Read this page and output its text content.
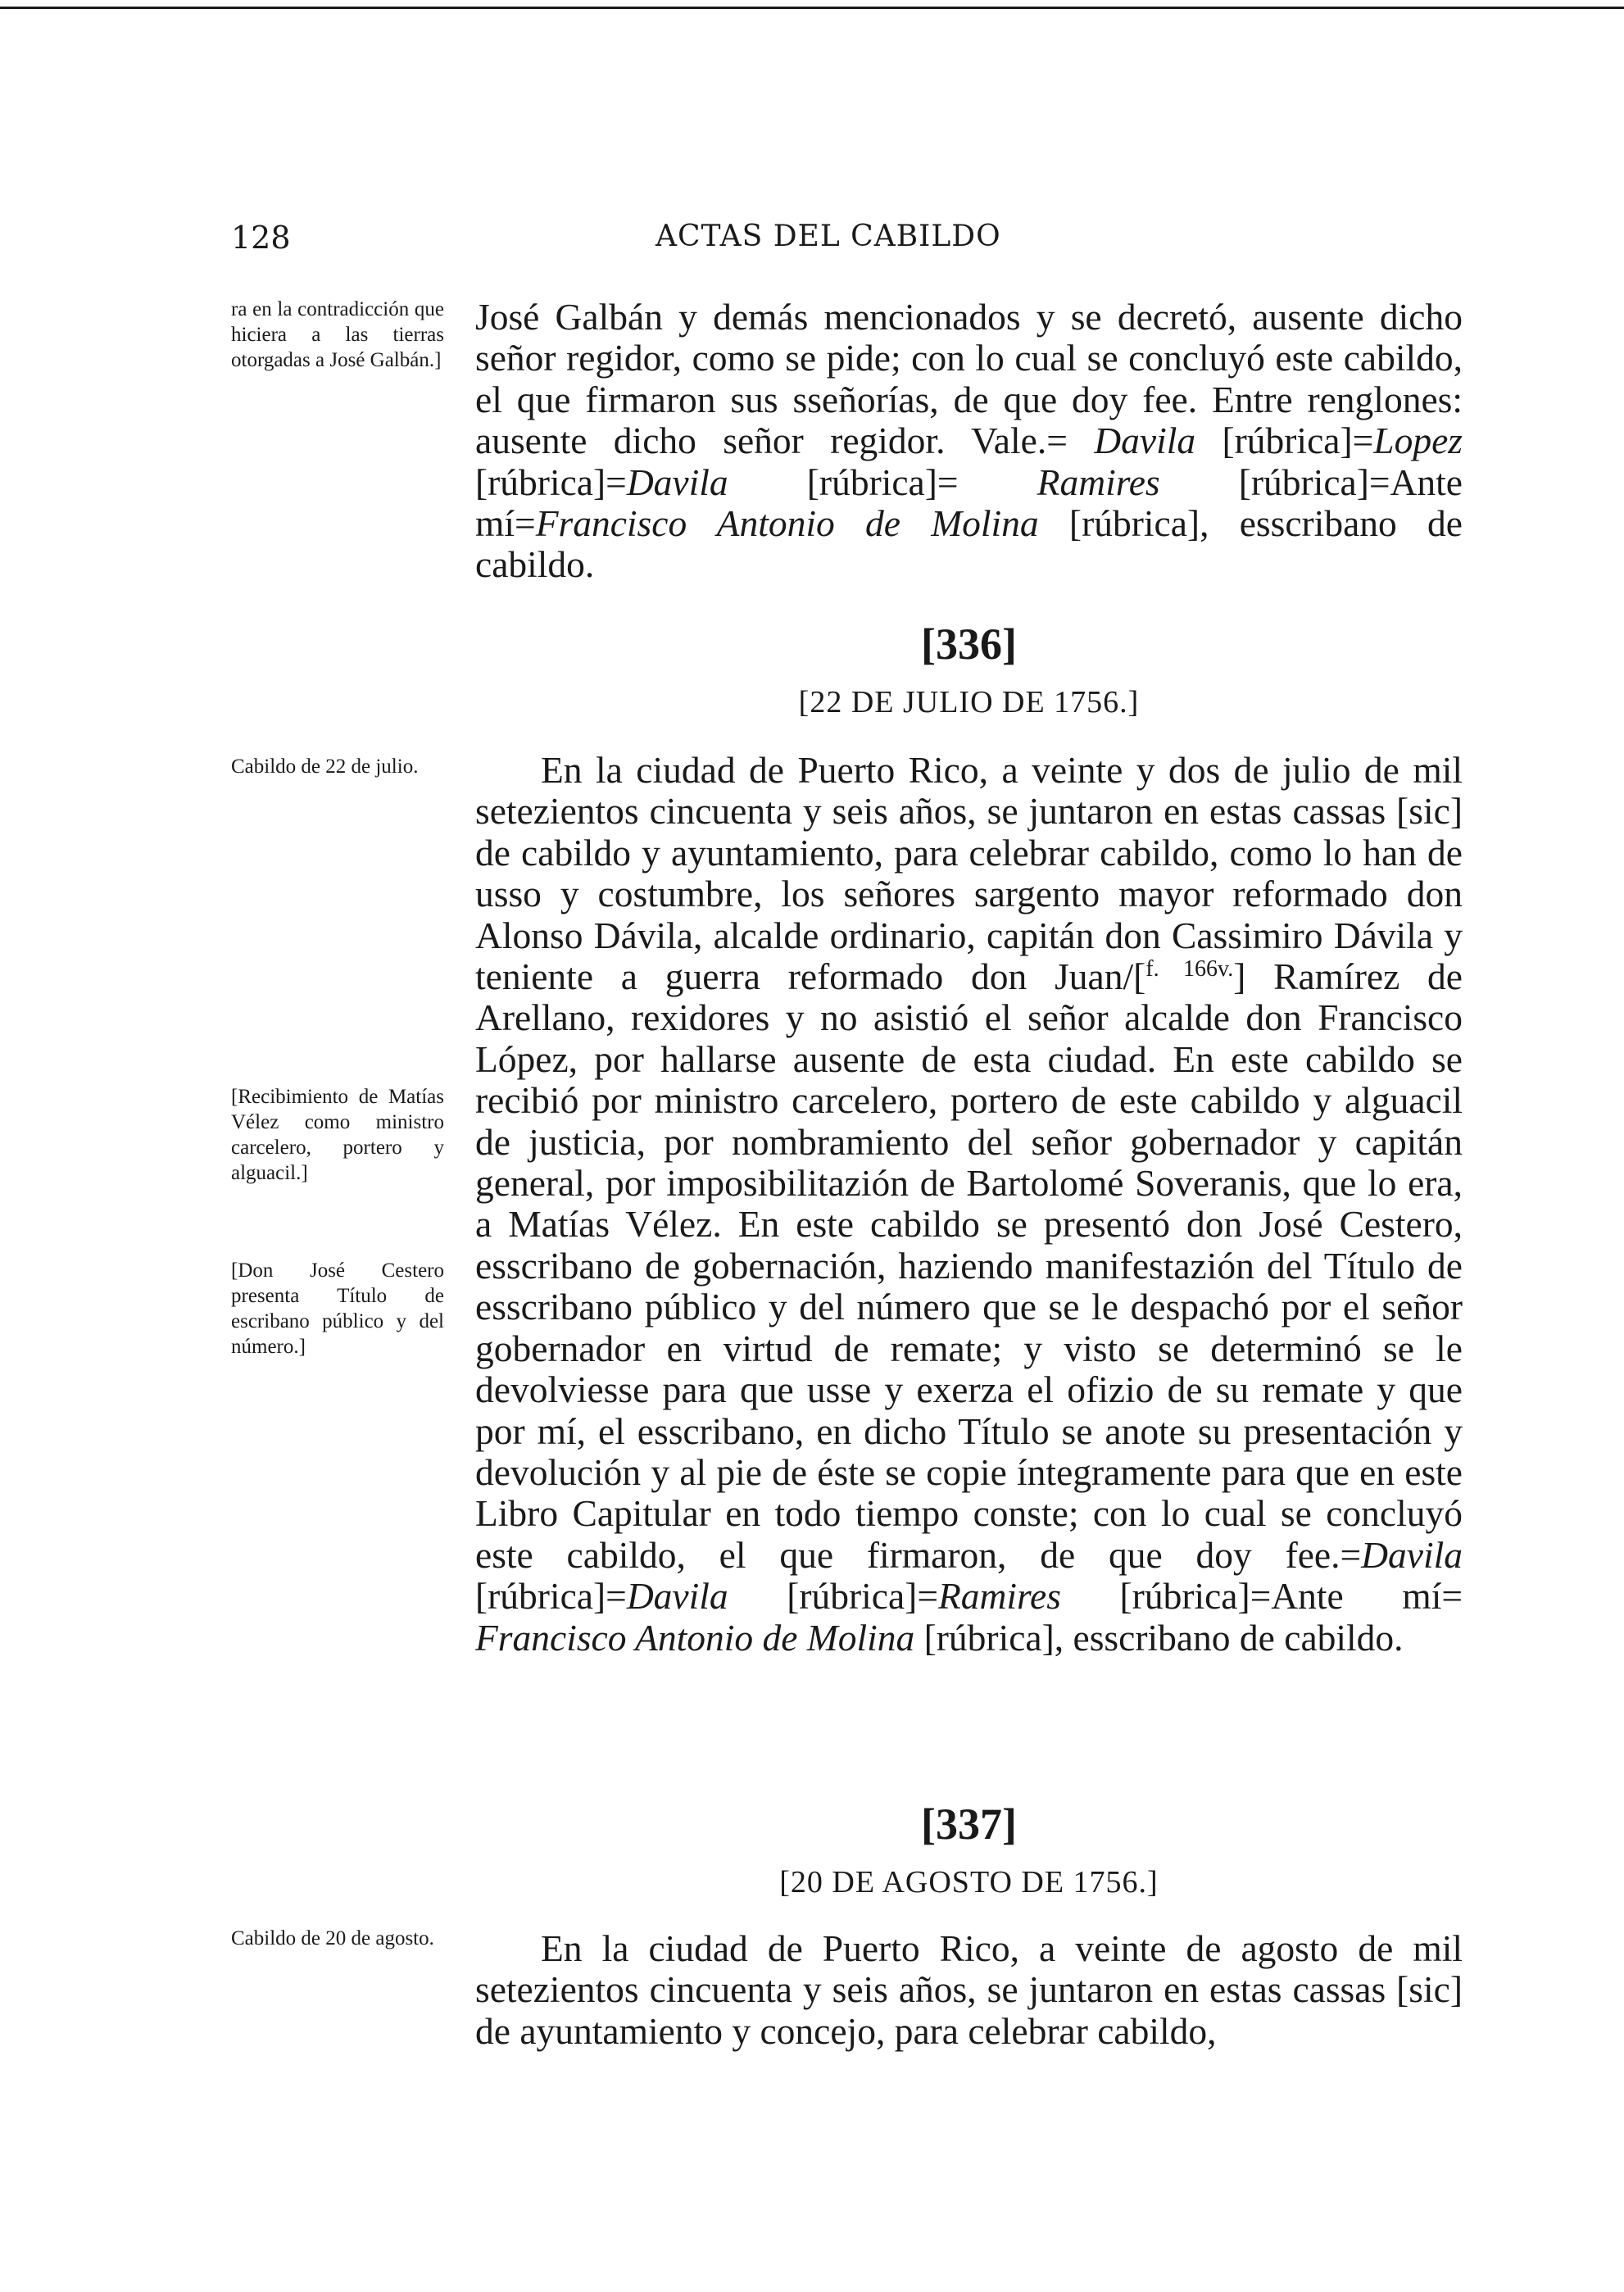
128	ACTAS DEL CABILDO
ra en la contradicción que hiciera a las tierras otorgadas a José Galbán.]
Cabildo de 22 de julio.
[Recibimiento de Matías Vélez como ministro carcelero, portero y alguacil.]
[Don José Cestero presenta Título de escribano público y del número.]
Cabildo de 20 de agosto.
José Galbán y demás mencionados y se decretó, ausente dicho señor regidor, como se pide; con lo cual se concluyó este cabildo, el que firmaron sus sseñorías, de que doy fee. Entre renglones: ausente dicho señor regidor. Vale.= Davila [rúbrica]=Lopez [rúbrica]=Davila [rúbrica]= Ramires [rúbrica]=Ante mí=Francisco Antonio de Molina [rúbrica], esscribano de cabildo.
[336]
[22 DE JULIO DE 1756.]
En la ciudad de Puerto Rico, a veinte y dos de julio de mil setezientos cincuenta y seis años, se juntaron en estas cassas [sic] de cabildo y ayuntamiento, para celebrar cabildo, como lo han de usso y costumbre, los señores sargento mayor reformado don Alonso Dávila, alcalde ordinario, capitán don Cassimiro Dávila y teniente a guerra reformado don Juan/[$^{f. 166v.}$] Ramírez de Arellano, rexidores y no asistió el señor alcalde don Francisco López, por hallarse ausente de esta ciudad. En este cabildo se recibió por ministro carcelero, portero de este cabildo y alguacil de justicia, por nombramiento del señor gobernador y capitán general, por imposibilitazión de Bartolomé Soveranis, que lo era, a Matías Vélez. En este cabildo se presentó don José Cestero, esscribano de gobernación, haziendo manifestazión del Título de esscribano público y del número que se le despachó por el señor gobernador en virtud de remate; y visto se determinó se le devolviesse para que usse y exerza el ofizio de su remate y que por mí, el esscribano, en dicho Título se anote su presentación y devolución y al pie de éste se copie íntegramente para que en este Libro Capitular en todo tiempo conste; con lo cual se concluyó este cabildo, el que firmaron, de que doy fee.=Davila [rúbrica]=Davila [rúbrica]=Ramires [rúbrica]=Ante mí= Francisco Antonio de Molina [rúbrica], esscribano de cabildo.
[337]
[20 DE AGOSTO DE 1756.]
En la ciudad de Puerto Rico, a veinte de agosto de mil setezientos cincuenta y seis años, se juntaron en estas cassas [sic] de ayuntamiento y concejo, para celebrar cabildo,
